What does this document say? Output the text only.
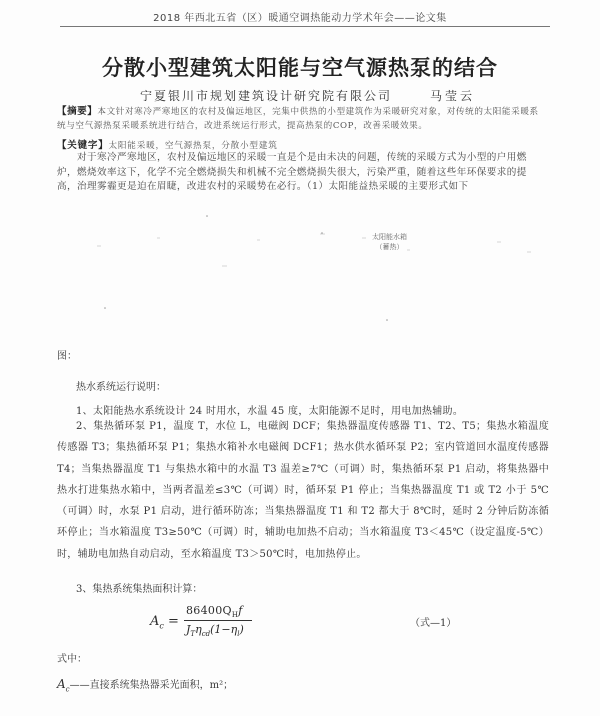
2018 年西北五省（区）暖通空调热能动力学术年会——论文集
分散小型建筑太阳能与空气源热泵的结合
宁夏银川市规划建筑设计研究院有限公司	马莹云
【摘要】本文针对寒冷严寒地区的农村及偏远地区，完集中供热的小型建筑作为采暖研究对象，对传统的太阳能采暖系统与空气源热泵采暖系统进行结合，改进系统运行形式，提高热泵的COP，改善采暖效果。
【关键字】太阳能采暖，空气源热泵，分散小型建筑
对于寒冷严寒地区，农村及偏远地区的采暖一直是个是由未决的问题，传统的采暖方式为小型的户用燃炉，燃烧效率这下，化学不完全燃烧损失和机械不完全燃烧损失很大，污染严重，随着这些年环保要求的提高，治理雾霾更是迫在眉睫，改进农村的采暖势在必行。（1）太阳能益热采暖的主要形式如下
太阳能水箱
（蓄热）
图：
热水系统运行说明：
1、太阳能热水系统设计 24 时用水，水温 45 度，太阳能源不足时，用电加热辅助。
2、集热循环泵 P1，温度 T，水位 L，电磁阀 DCF；集热器温度传感器 T1、T2、T5；集热水箱温度传感器 T3；集热循环泵 P1；集热水箱补水电磁阀 DCF1；热水供水循环泵 P2；室内管道回水温度传感器 T4；当集热器温度 T1 与集热水箱中的水温 T3 温差≥7℃（可调）时，集热循环泵 P1 启动，将集热器中热水打进集热水箱中，当两者温差≤3℃（可调）时，循环泵 P1 停止；当集热器温度 T1 或 T2 小于 5℃（可调）时，水泵 P1 启动，进行循环防冻；当集热器温度 T1 和 T2 都大于 8℃时，延时 2 分钟后防冻循环停止；当水箱温度 T3≥50℃（可调）时，辅助电加热不启动；当水箱温度 T3＜45℃（设定温度-5℃）时，辅助电加热自动启动，至水箱温度 T3＞50℃时，电加热停止。
3、集热系统集热面积计算：
$A_c$ =
$86400Q_Hf$
$J_T\eta_{cd}(1-\eta_l)$	（式—1）
式中：
$A_c——$直接系统集热器采光面积，m²；
